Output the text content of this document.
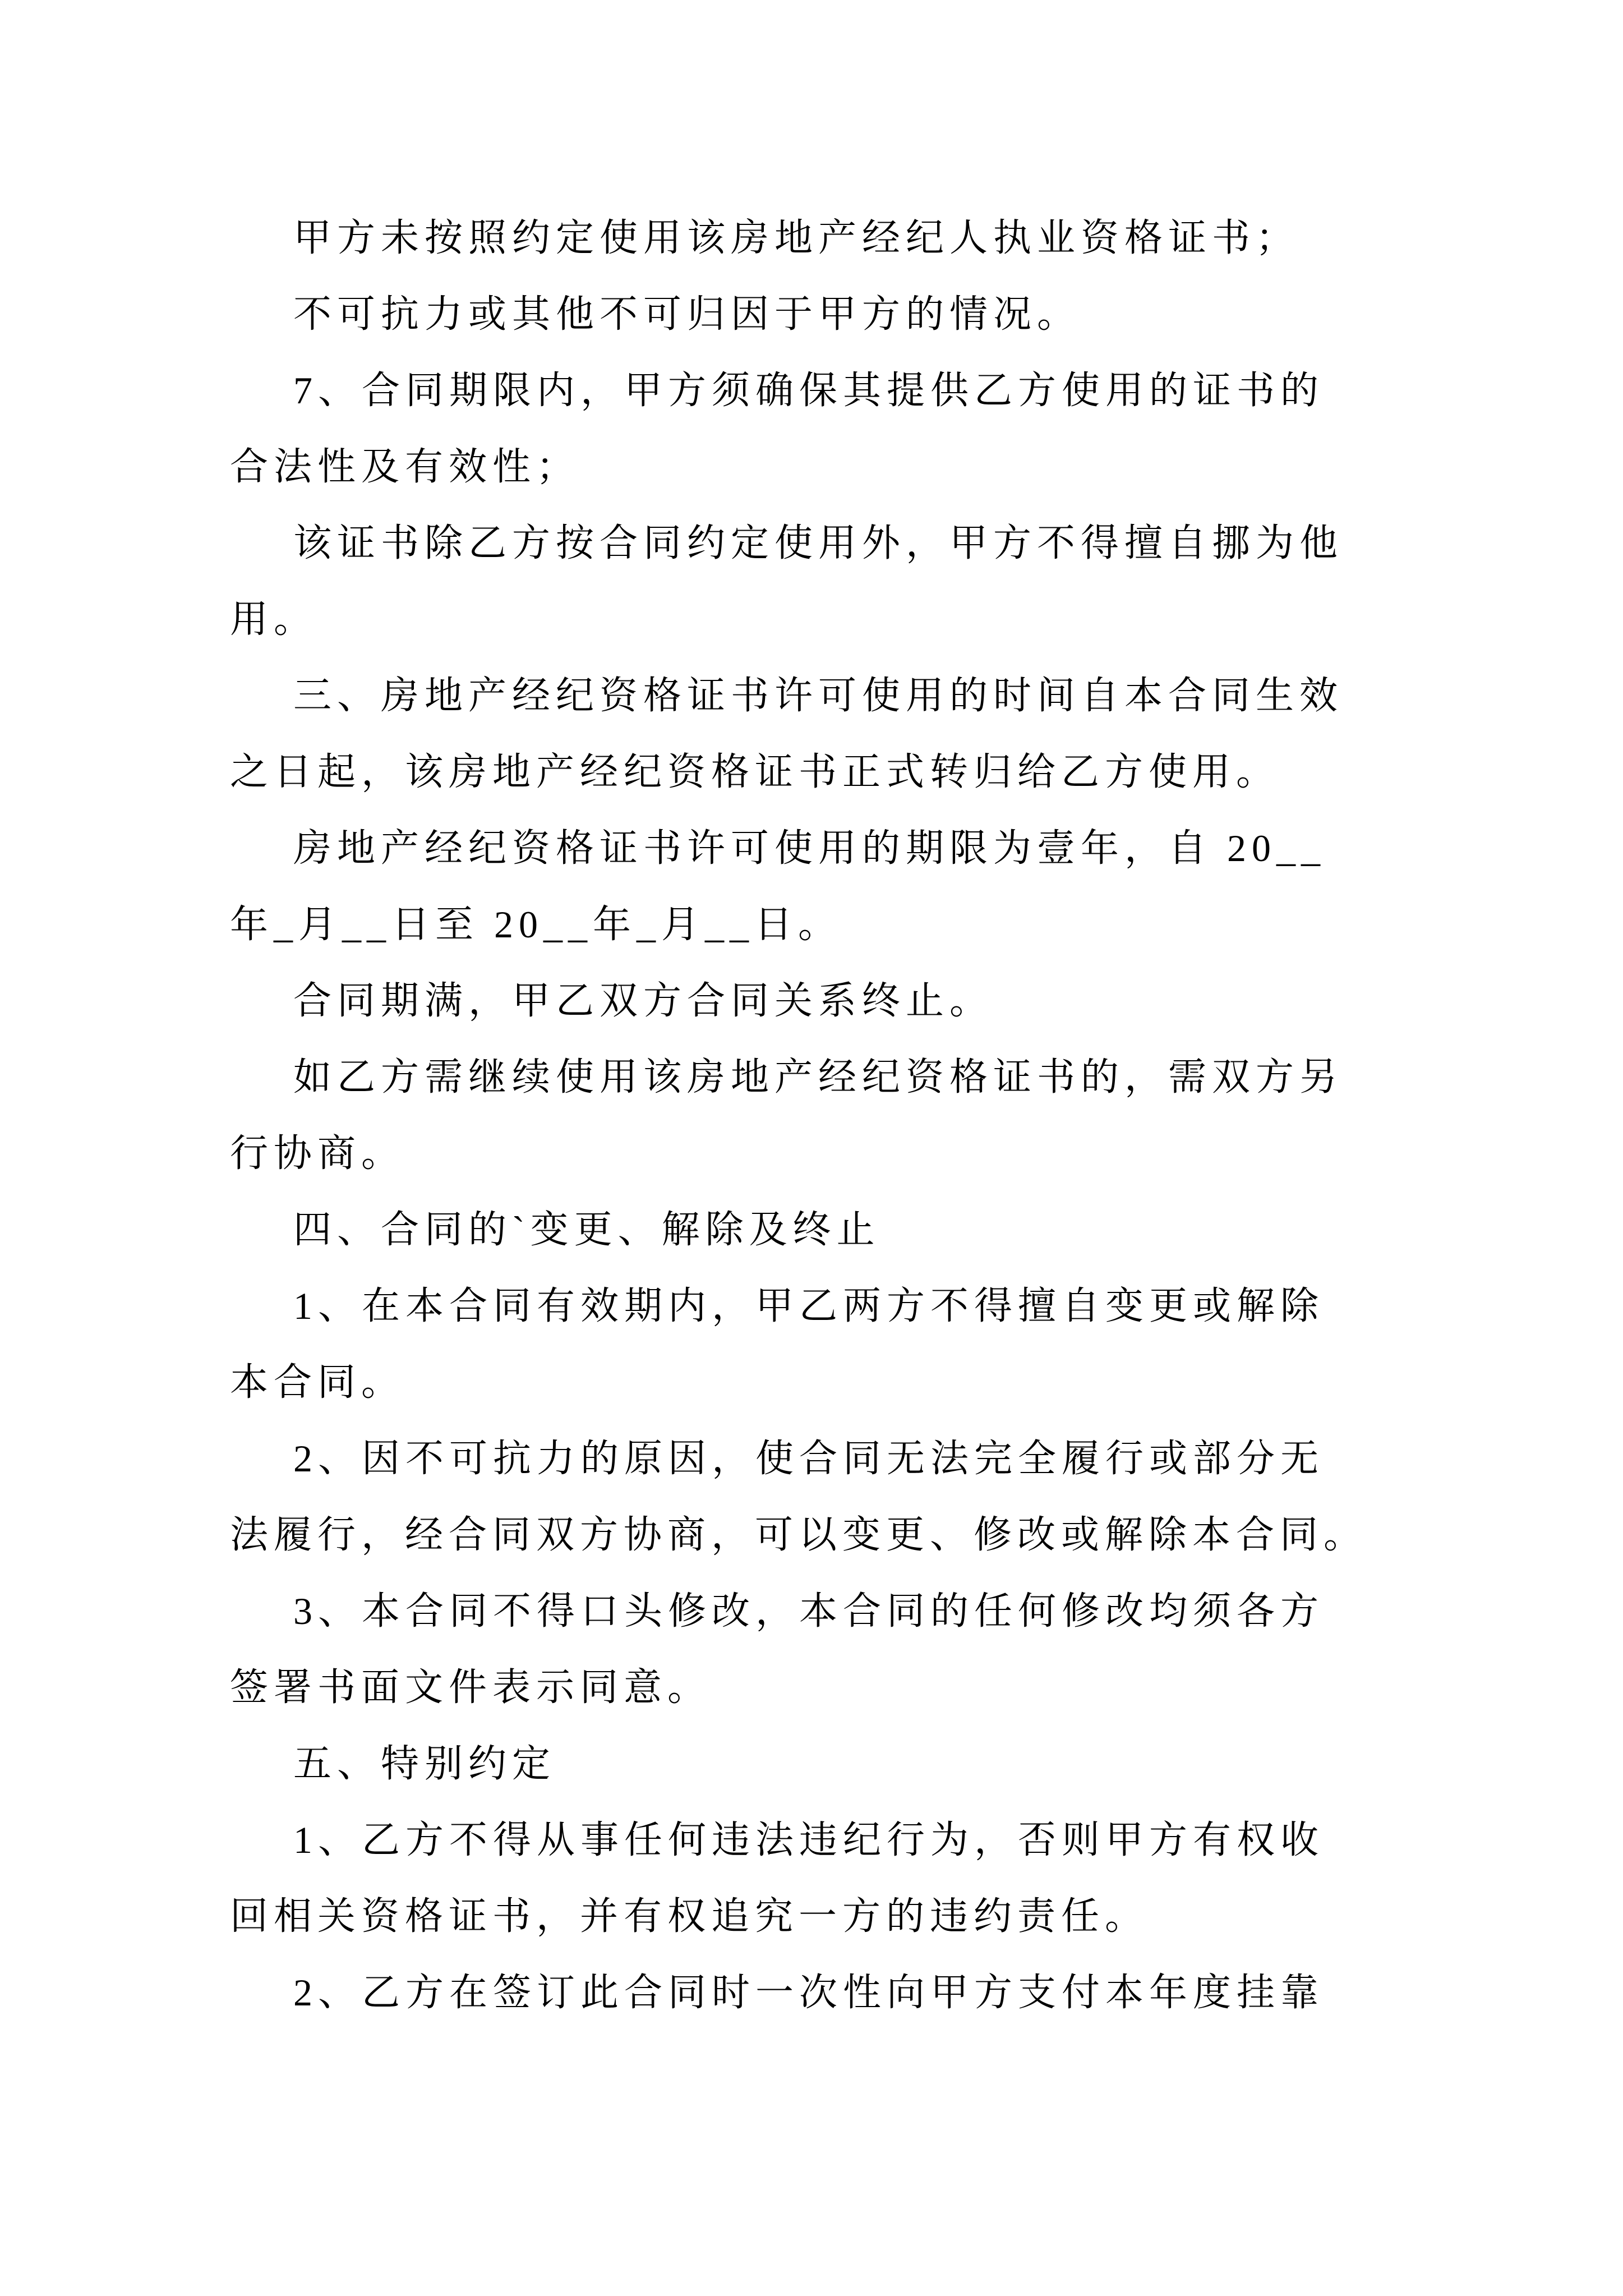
甲方未按照约定使用该房地产经纪人执业资格证书；
不可抗力或其他不可归因于甲方的情况。
7、合同期限内，甲方须确保其提供乙方使用的证书的
合法性及有效性；
该证书除乙方按合同约定使用外，甲方不得擅自挪为他
用。
三、房地产经纪资格证书许可使用的时间自本合同生效
之日起，该房地产经纪资格证书正式转归给乙方使用。
房地产经纪资格证书许可使用的期限为壹年，自 20__
年_月__日至 20__年_月__日。
合同期满，甲乙双方合同关系终止。
如乙方需继续使用该房地产经纪资格证书的，需双方另
行协商。
四、合同的`变更、解除及终止
1、在本合同有效期内，甲乙两方不得擅自变更或解除
本合同。
2、因不可抗力的原因，使合同无法完全履行或部分无
法履行，经合同双方协商，可以变更、修改或解除本合同。
3、本合同不得口头修改，本合同的任何修改均须各方
签署书面文件表示同意。
五、特别约定
1、乙方不得从事任何违法违纪行为，否则甲方有权收
回相关资格证书，并有权追究一方的违约责任。
2、乙方在签订此合同时一次性向甲方支付本年度挂靠
